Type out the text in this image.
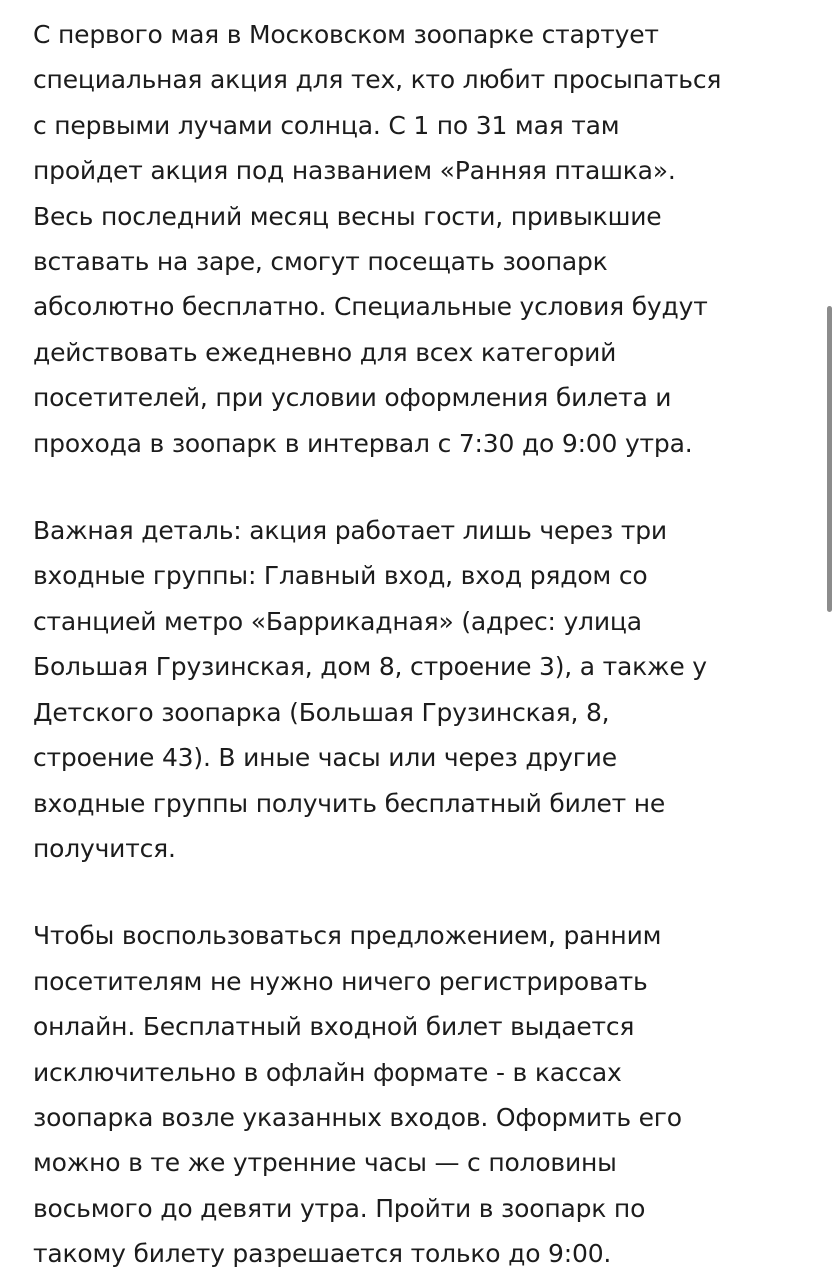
С первого мая в Московском зоопарке стартует
специальная акция для тех, кто любит просыпаться
с первыми лучами солнца. С 1 по 31 мая там
пройдет акция под названием «Ранняя пташка».
Весь последний месяц весны гости, привыкшие
вставать на заре, смогут посещать зоопарк
абсолютно бесплатно. Специальные условия будут
действовать ежедневно для всех категорий
посетителей, при условии оформления билета и
прохода в зоопарк в интервал с 7:30 до 9:00 утра.

Важная деталь: акция работает лишь через три
входные группы: Главный вход, вход рядом со
станцией метро «Баррикадная» (адрес: улица
Большая Грузинская, дом 8, строение 3), а также у
Детского зоопарка (Большая Грузинская, 8,
строение 43). В иные часы или через другие
входные группы получить бесплатный билет не
получится.

Чтобы воспользоваться предложением, ранним
посетителям не нужно ничего регистрировать
онлайн. Бесплатный входной билет выдается
исключительно в офлайн формате - в кассах
зоопарка возле указанных входов. Оформить его
можно в те же утренние часы — с половины
восьмого до девяти утра. Пройти в зоопарк по
такому билету разрешается только до 9:00.
